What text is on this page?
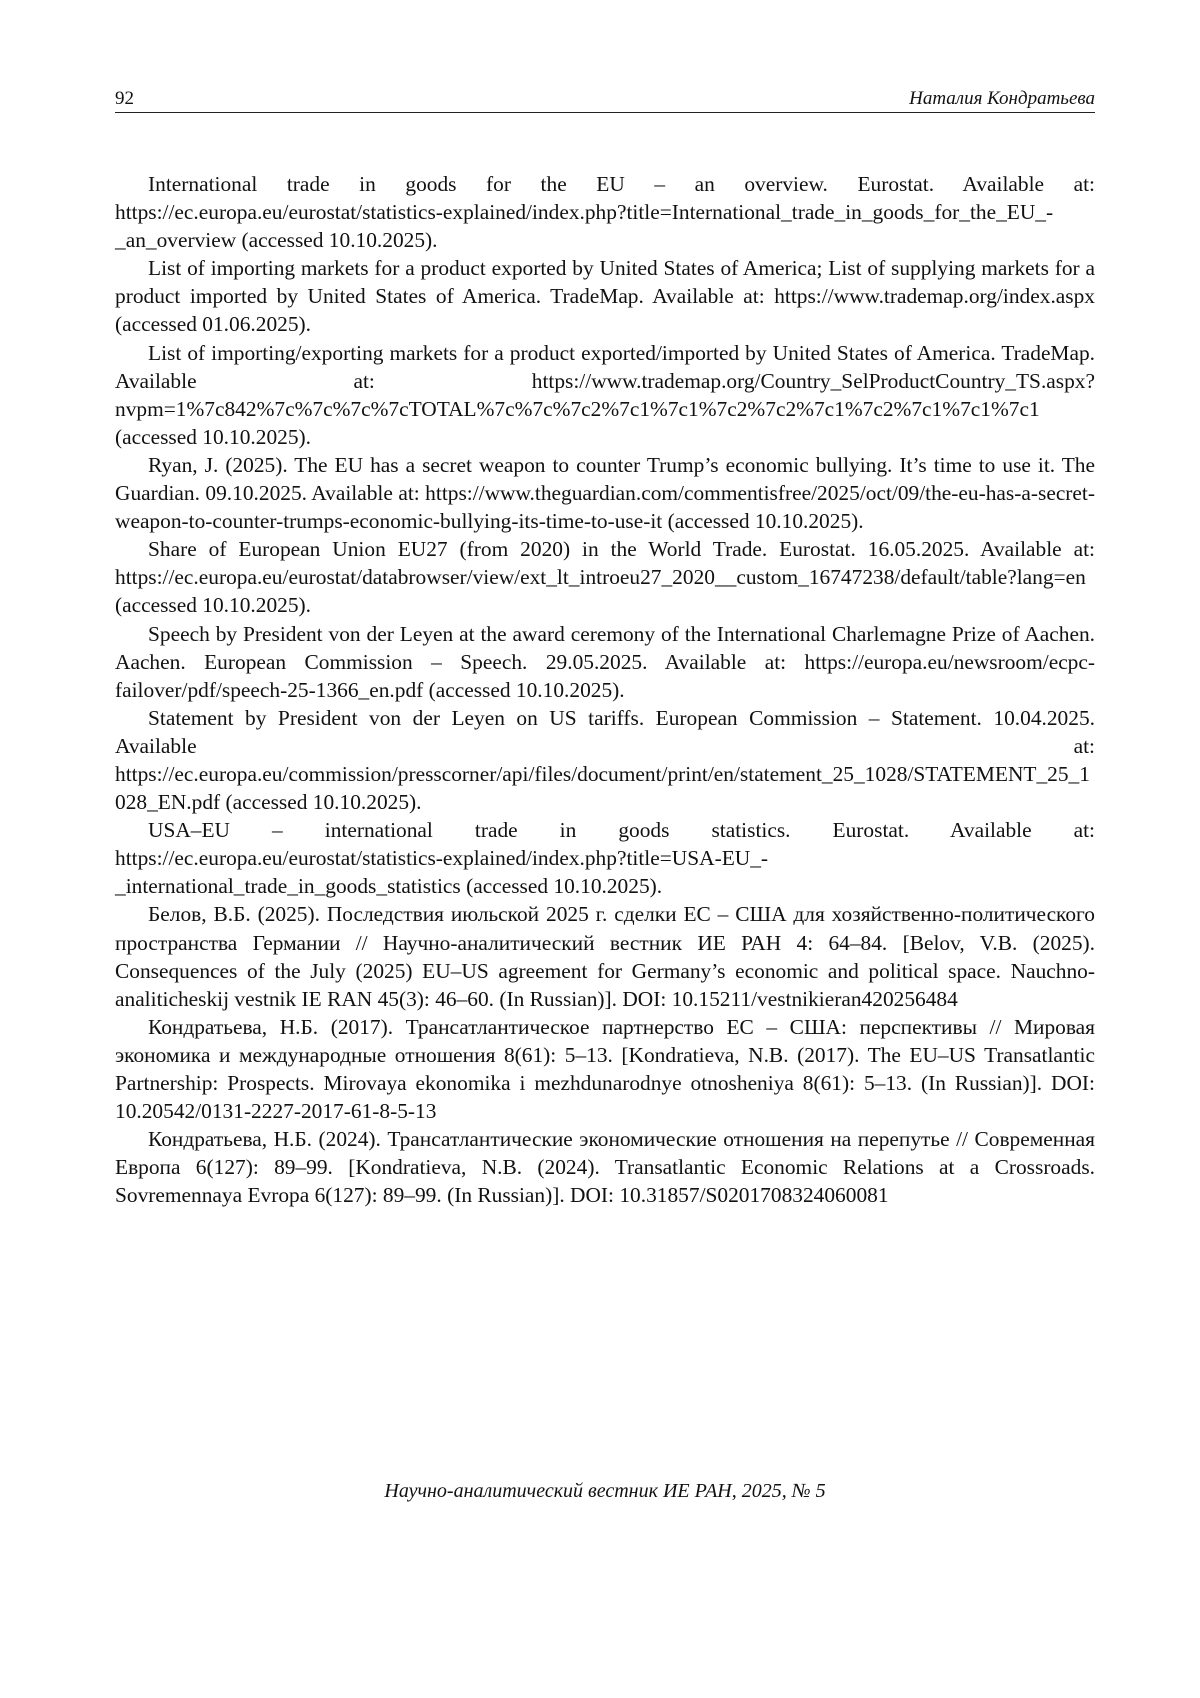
92	Наталия Кондратьева

International trade in goods for the EU – an overview. Eurostat. Available at: https://ec.europa.eu/eurostat/statistics-explained/index.php?title=International_trade_in_goods_for_the_EU_-_an_overview (accessed 10.10.2025).

List of importing markets for a product exported by United States of America; List of supplying markets for a product imported by United States of America. TradeMap. Available at: https://www.trademap.org/index.aspx (accessed 01.06.2025).

List of importing/exporting markets for a product exported/imported by United States of America. TradeMap. Available at: https://www.trademap.org/Country_SelProductCountry_TS.aspx?nvpm=1%7c842%7c%7c%7c%7cTOTAL%7c%7c%7c2%7c1%7c1%7c2%7c2%7c1%7c2%7c1%7c1%7c1 (accessed 10.10.2025).

Ryan, J. (2025). The EU has a secret weapon to counter Trump’s economic bullying. It’s time to use it. The Guardian. 09.10.2025. Available at: https://www.theguardian.com/commentisfree/2025/oct/09/the-eu-has-a-secret-weapon-to-counter-trumps-economic-bullying-its-time-to-use-it (accessed 10.10.2025).

Share of European Union EU27 (from 2020) in the World Trade. Eurostat. 16.05.2025. Available at: https://ec.europa.eu/eurostat/databrowser/view/ext_lt_introeu27_2020__custom_16747238/default/table?lang=en (accessed 10.10.2025).

Speech by President von der Leyen at the award ceremony of the International Charlemagne Prize of Aachen. Aachen. European Commission – Speech. 29.05.2025. Available at: https://europa.eu/newsroom/ecpc-failover/pdf/speech-25-1366_en.pdf (accessed 10.10.2025).

Statement by President von der Leyen on US tariffs. European Commission – Statement. 10.04.2025. Available at: https://ec.europa.eu/commission/presscorner/api/files/document/print/en/statement_25_1028/STATEMENT_25_1028_EN.pdf (accessed 10.10.2025).

USA–EU – international trade in goods statistics. Eurostat. Available at: https://ec.europa.eu/eurostat/statistics-explained/index.php?title=USA-EU_-_international_trade_in_goods_statistics (accessed 10.10.2025).

Белов, В.Б. (2025). Последствия июльской 2025 г. сделки ЕС – США для хозяйственно-политического пространства Германии // Научно-аналитический вестник ИЕ РАН 4: 64–84. [Belov, V.B. (2025). Consequences of the July (2025) EU–US agreement for Germany’s economic and political space. Nauchno-analiticheskij vestnik IE RAN 45(3): 46–60. (In Russian)]. DOI: 10.15211/vestnikieran420256484

Кондратьева, Н.Б. (2017). Трансатлантическое партнерство ЕС – США: перспективы // Мировая экономика и международные отношения 8(61): 5–13. [Kondratieva, N.B. (2017). The EU–US Transatlantic Partnership: Prospects. Mirovaya ekonomika i mezhdunarodnye otnosheniya 8(61): 5–13. (In Russian)]. DOI: 10.20542/0131-2227-2017-61-8-5-13

Кондратьева, Н.Б. (2024). Трансатлантические экономические отношения на перепутье // Современная Европа 6(127): 89–99. [Kondratieva, N.B. (2024). Transatlantic Economic Relations at a Crossroads. Sovremennaya Evropa 6(127): 89–99. (In Russian)]. DOI: 10.31857/S0201708324060081

Научно-аналитический вестник ИЕ РАН, 2025, № 5
